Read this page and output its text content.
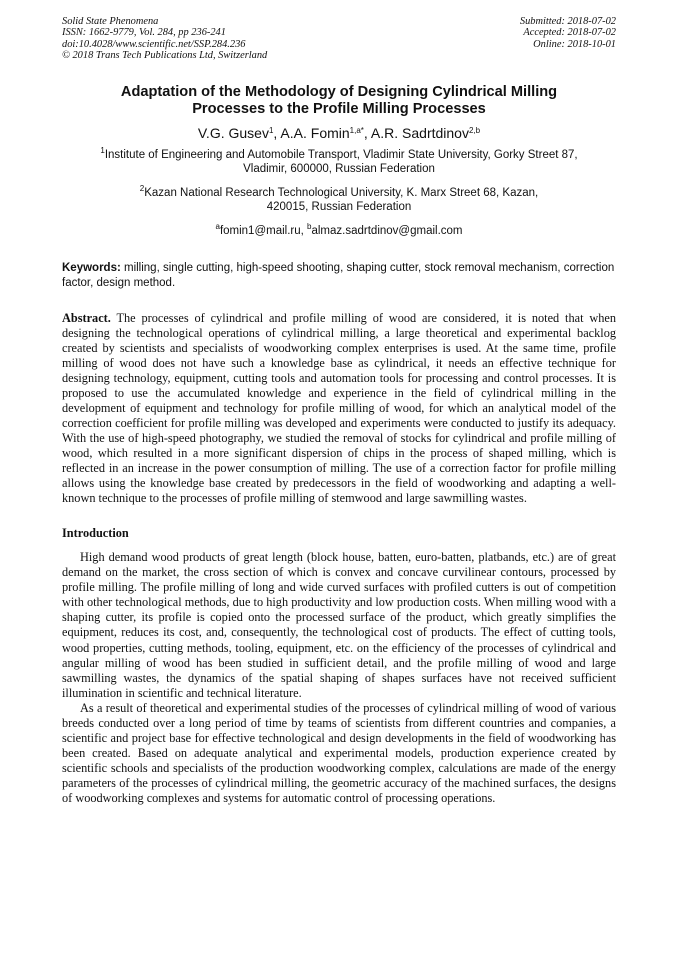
Solid State Phenomena
ISSN: 1662-9779, Vol. 284, pp 236-241
doi:10.4028/www.scientific.net/SSP.284.236
© 2018 Trans Tech Publications Ltd, Switzerland
Submitted: 2018-07-02
Accepted: 2018-07-02
Online: 2018-10-01
Adaptation of the Methodology of Designing Cylindrical Milling
Processes to the Profile Milling Processes
V.G. Gusev$^1$, A.A. Fomin$^{1,a*}$, A.R. Sadrtdinov$^{2,b}$
$^1$Institute of Engineering and Automobile Transport, Vladimir State University, Gorky Street 87,
Vladimir, 600000, Russian Federation
$^2$Kazan National Research Technological University, K. Marx Street 68, Kazan,
420015, Russian Federation
$^a$fomin1@mail.ru, $^b$almaz.sadrtdinov@gmail.com
Keywords: milling, single cutting, high-speed shooting, shaping cutter, stock removal mechanism, correction factor, design method.
Abstract. The processes of cylindrical and profile milling of wood are considered, it is noted that when designing the technological operations of cylindrical milling, a large theoretical and experimental backlog created by scientists and specialists of woodworking complex enterprises is used. At the same time, profile milling of wood does not have such a knowledge base as cylindrical, it needs an effective technique for designing technology, equipment, cutting tools and automation tools for processing and control processes. It is proposed to use the accumulated knowledge and experience in the field of cylindrical milling in the development of equipment and technology for profile milling of wood, for which an analytical model of the correction coefficient for profile milling was developed and experiments were conducted to justify its adequacy. With the use of high-speed photography, we studied the removal of stocks for cylindrical and profile milling of wood, which resulted in a more significant dispersion of chips in the process of shaped milling, which is reflected in an increase in the power consumption of milling. The use of a correction factor for profile milling allows using the knowledge base created by predecessors in the field of woodworking and adapting a well-known technique to the processes of profile milling of stemwood and large sawmilling wastes.
Introduction
High demand wood products of great length (block house, batten, euro-batten, platbands, etc.) are of great demand on the market, the cross section of which is convex and concave curvilinear contours, processed by profile milling. The profile milling of long and wide curved surfaces with profiled cutters is out of competition with other technological methods, due to high productivity and low production costs. When milling wood with a shaping cutter, its profile is copied onto the processed surface of the product, which greatly simplifies the equipment, reduces its cost, and, consequently, the technological cost of products. The effect of cutting tools, wood properties, cutting methods, tooling, equipment, etc. on the efficiency of the processes of cylindrical and angular milling of wood has been studied in sufficient detail, and the profile milling of wood and large sawmilling wastes, the dynamics of the spatial shaping of shapes surfaces have not received sufficient illumination in scientific and technical literature.
As a result of theoretical and experimental studies of the processes of cylindrical milling of wood of various breeds conducted over a long period of time by teams of scientists from different countries and companies, a scientific and project base for effective technological and design developments in the field of woodworking has been created. Based on adequate analytical and experimental models, production experience created by scientific schools and specialists of the production woodworking complex, calculations are made of the energy parameters of the processes of cylindrical milling, the geometric accuracy of the machined surfaces, the designs of woodworking complexes and systems for automatic control of processing operations.
